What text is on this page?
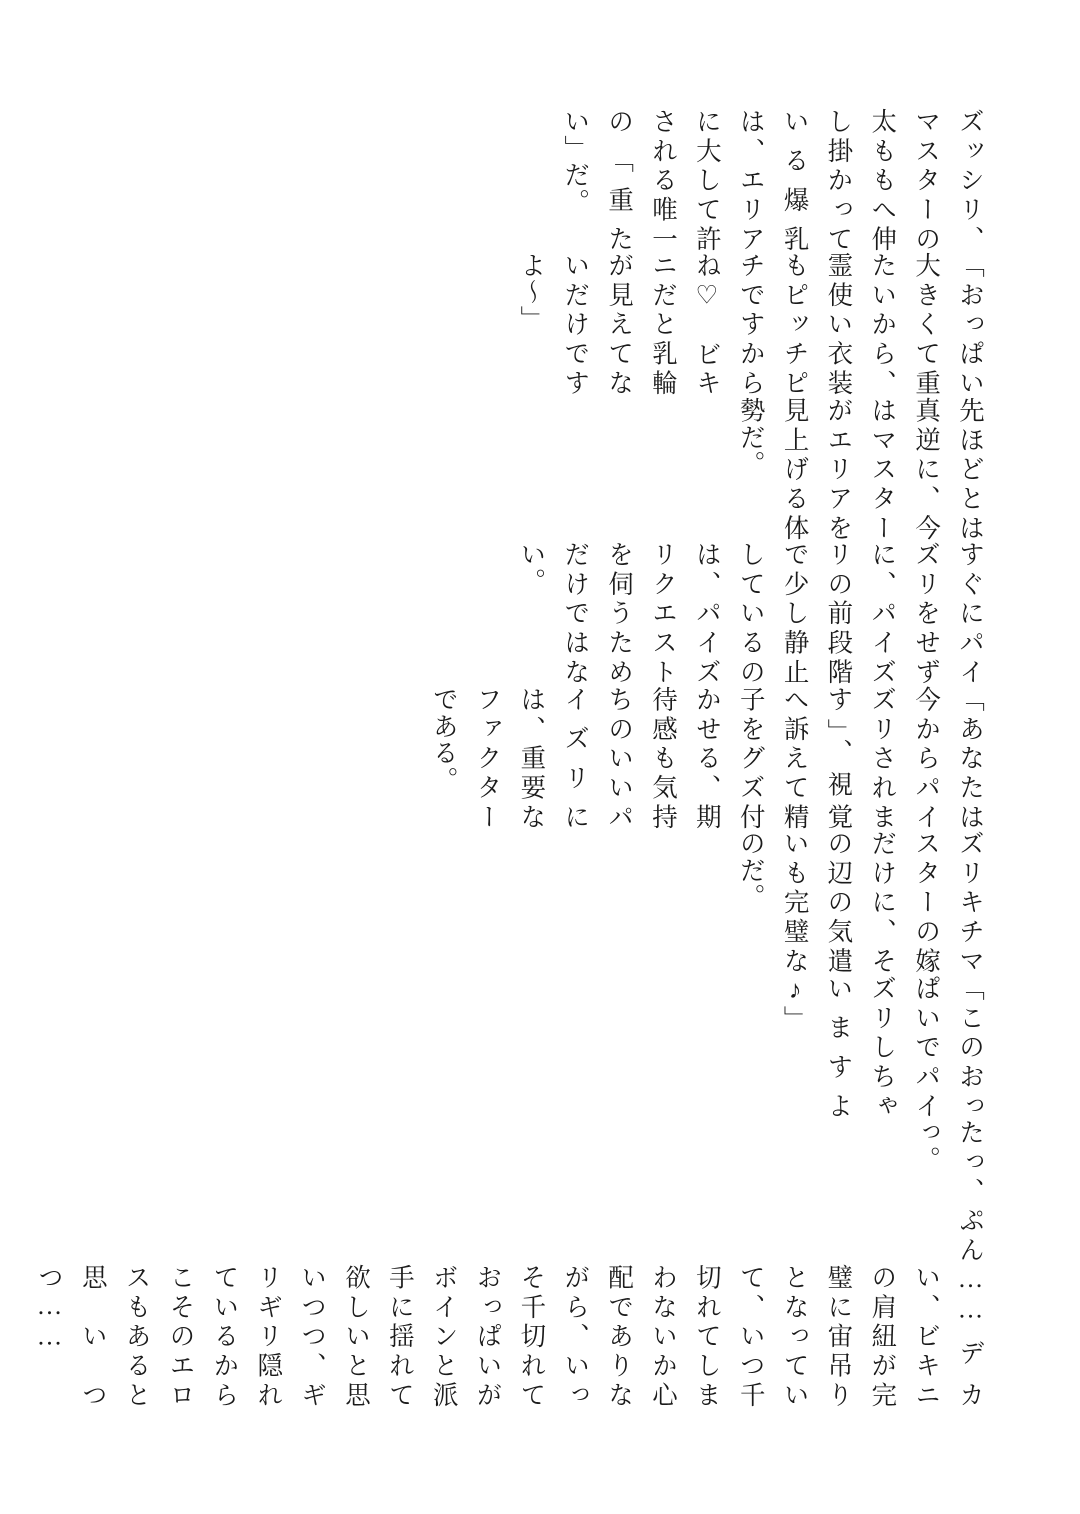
ズッシリ、マスターの太ももへ伸し掛かっている爆乳は、エリアに大して許される唯一の「重たい」だ。

「おっぱい大きくて重たいから、霊使い衣装もピッチピチですからね♡　ビキニだと乳輪が見えてないだけですよ～」

先ほどとは真逆に、今はマスターがエリアを見上げる体勢だ。

すぐにパイズリをせずに、パイズリの前段階で少し静止しているのは、パイズリクエストを伺うためだけではない。

「あなたは今からパイズリされます」、視覚へ訴えて精子をグズ付かせる、期待感も気持ちのいいパイズリには、重要なファクターである。

ズリキチマスターの嫁だけに、その辺の気遣いも完璧なのだ。

「このおっぱいでパイズリしちゃいますよ♪」

たっ、ぷんっ。

……デカい、ビキニの肩紐が完璧に宙吊りとなっていて、いつ千切れてしまわないか心配でありながら、いっそ千切れておっぱいがボインと派手に揺れて欲しいと思いつつ、ギリギリ隠れているからこそのエロスもあると思いつつ……
